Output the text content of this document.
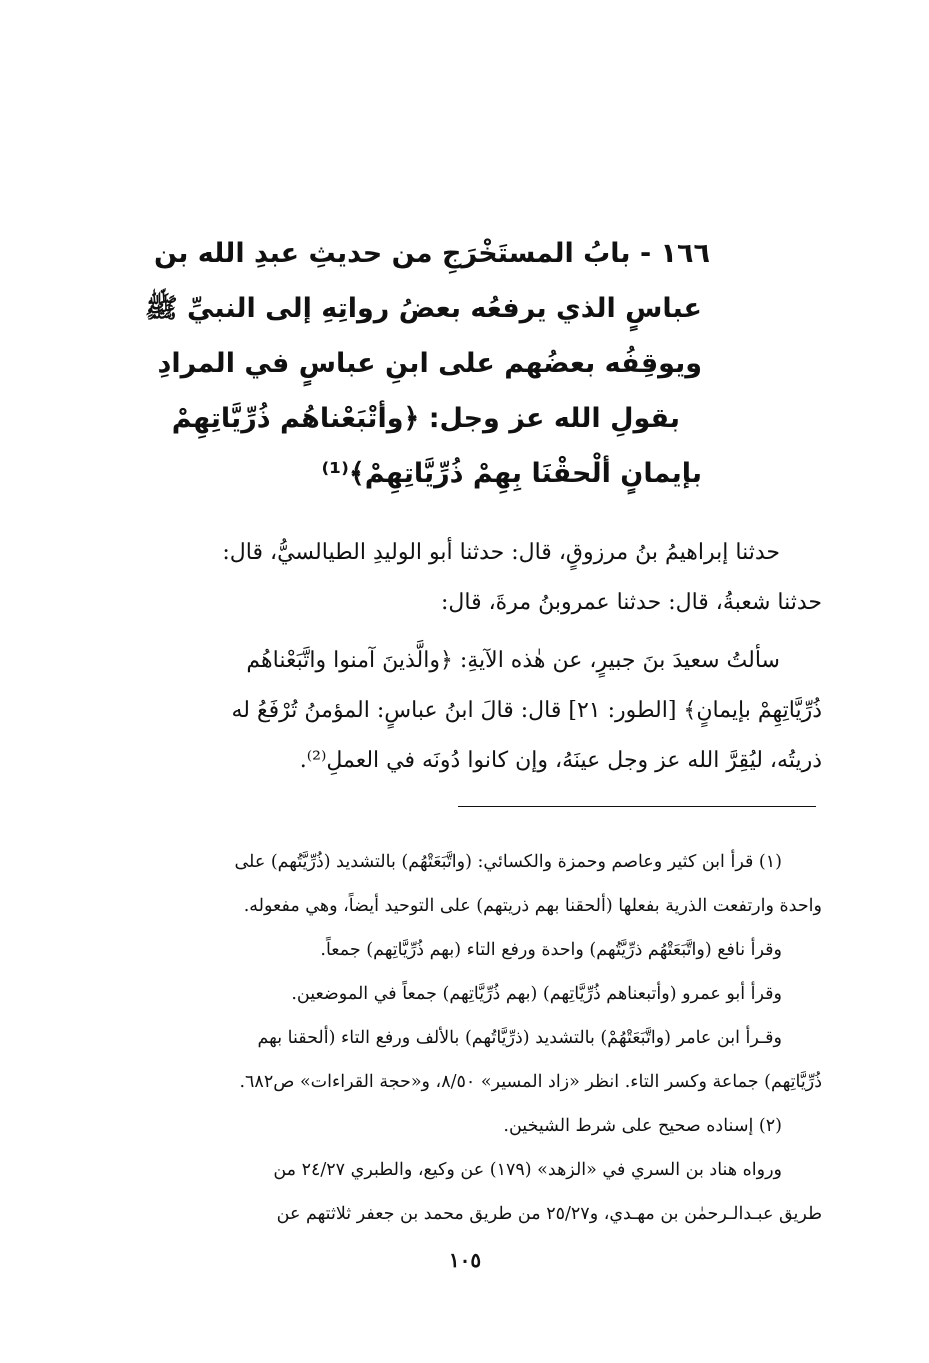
١٦٦ - بابُ المستَخْرَجِ من حديثِ عبدِ الله بن
عباسٍ الذي يرفعُه بعضُ رواتِهِ إلى النبيِّ ﷺ
ويوقِفُه بعضُهم على ابنِ عباسٍ في المرادِ
بقولِ الله عز وجل: ﴿وأتْبَعْناهُم ذُرِّيَّاتِهِمْ
بإيمانٍ ألْحقْنَا بِهِمْ ذُرِّيَّاتِهِمْ﴾⁽¹⁾
حدثنا إبراهيمُ بنُ مرزوقٍ، قال: حدثنا أبو الوليدِ الطيالسيُّ، قال:
حدثنا شعبةُ، قال: حدثنا عمروبنُ مرةَ، قال:
سألتُ سعيدَ بنَ جبيرٍ، عن هٰذه الآيةِ: ﴿والَّذينَ آمنوا واتَّبَعْناهُم
ذُرِّيَّاتِهِمْ بإيمانٍ﴾ [الطور: ٢١] قال: قالَ ابنُ عباسٍ: المؤمنُ تُرْفَعُ له
ذريتُه، ليُقِرَّ الله عز وجل عينَهُ، وإن كانوا دُونَه في العملِ⁽²⁾.
(١) قرأ ابن كثير وعاصم وحمزة والكسائي: (واتَّبَعَتْهُم) بالتشديد (ذُرِّيَّتُهم) على
واحدة وارتفعت الذرية بفعلها (ألحقنا بهم ذريتهم) على التوحيد أيضاً، وهي مفعوله.
وقرأ نافع (واتَّبَعَتْهُم ذرِّيَّتُهم) واحدة ورفع التاء (بهم ذُرِّيَّاتِهم) جمعاً.
وقرأ أبو عمرو (وأتبعناهم ذُرِّيَّاتِهم) (بهم ذُرِّيَّاتِهم) جمعاً في الموضعين.
وقـرأ ابن عامر (واتَّبَعَتْهُمْ) بالتشديد (ذرِّيَّاتُهم) بالألف ورفع التاء (ألحقنا بهم
ذُرِّيَّاتِهم) جماعة وكسر التاء. انظر «زاد المسير» ٨/٥٠، و«حجة القراءات» ص٦٨٢.
(٢) إسناده صحيح على شرط الشيخين.
ورواه هناد بن السري في «الزهد» (١٧٩) عن وكيع، والطبري ٢٤/٢٧ من
طريق عبـدالـرحمٰن بن مهـدي، و٢٥/٢٧ من طريق محمد بن جعفر ثلاثتهم عن
١٠٥
